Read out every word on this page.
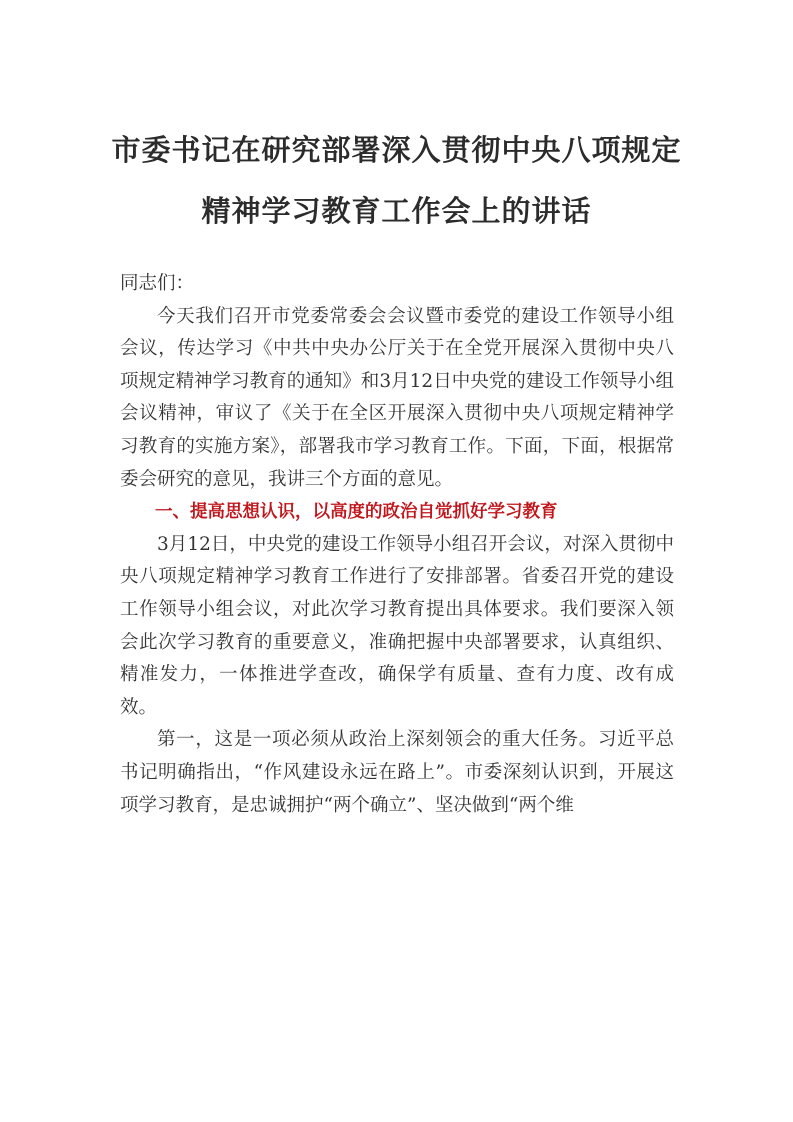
市委书记在研究部署深入贯彻中央八项规定
精神学习教育工作会上的讲话

同志们：

今天我们召开市党委常委会会议暨市委党的建设工作领导小组会议，传达学习《中共中央办公厅关于在全党开展深入贯彻中央八项规定精神学习教育的通知》和3月12日中央党的建设工作领导小组会议精神，审议了《关于在全区开展深入贯彻中央八项规定精神学习教育的实施方案》，部署我市学习教育工作。下面，下面，根据常委会研究的意见，我讲三个方面的意见。

一、提高思想认识，以高度的政治自觉抓好学习教育

3月12日，中央党的建设工作领导小组召开会议，对深入贯彻中央八项规定精神学习教育工作进行了安排部署。省委召开党的建设工作领导小组会议，对此次学习教育提出具体要求。我们要深入领会此次学习教育的重要意义，准确把握中央部署要求，认真组织、精准发力，一体推进学查改，确保学有质量、查有力度、改有成效。

第一，这是一项必须从政治上深刻领会的重大任务。习近平总书记明确指出，“作风建设永远在路上”。市委深刻认识到，开展这项学习教育，是忠诚拥护“两个确立”、坚决做到“两个维
